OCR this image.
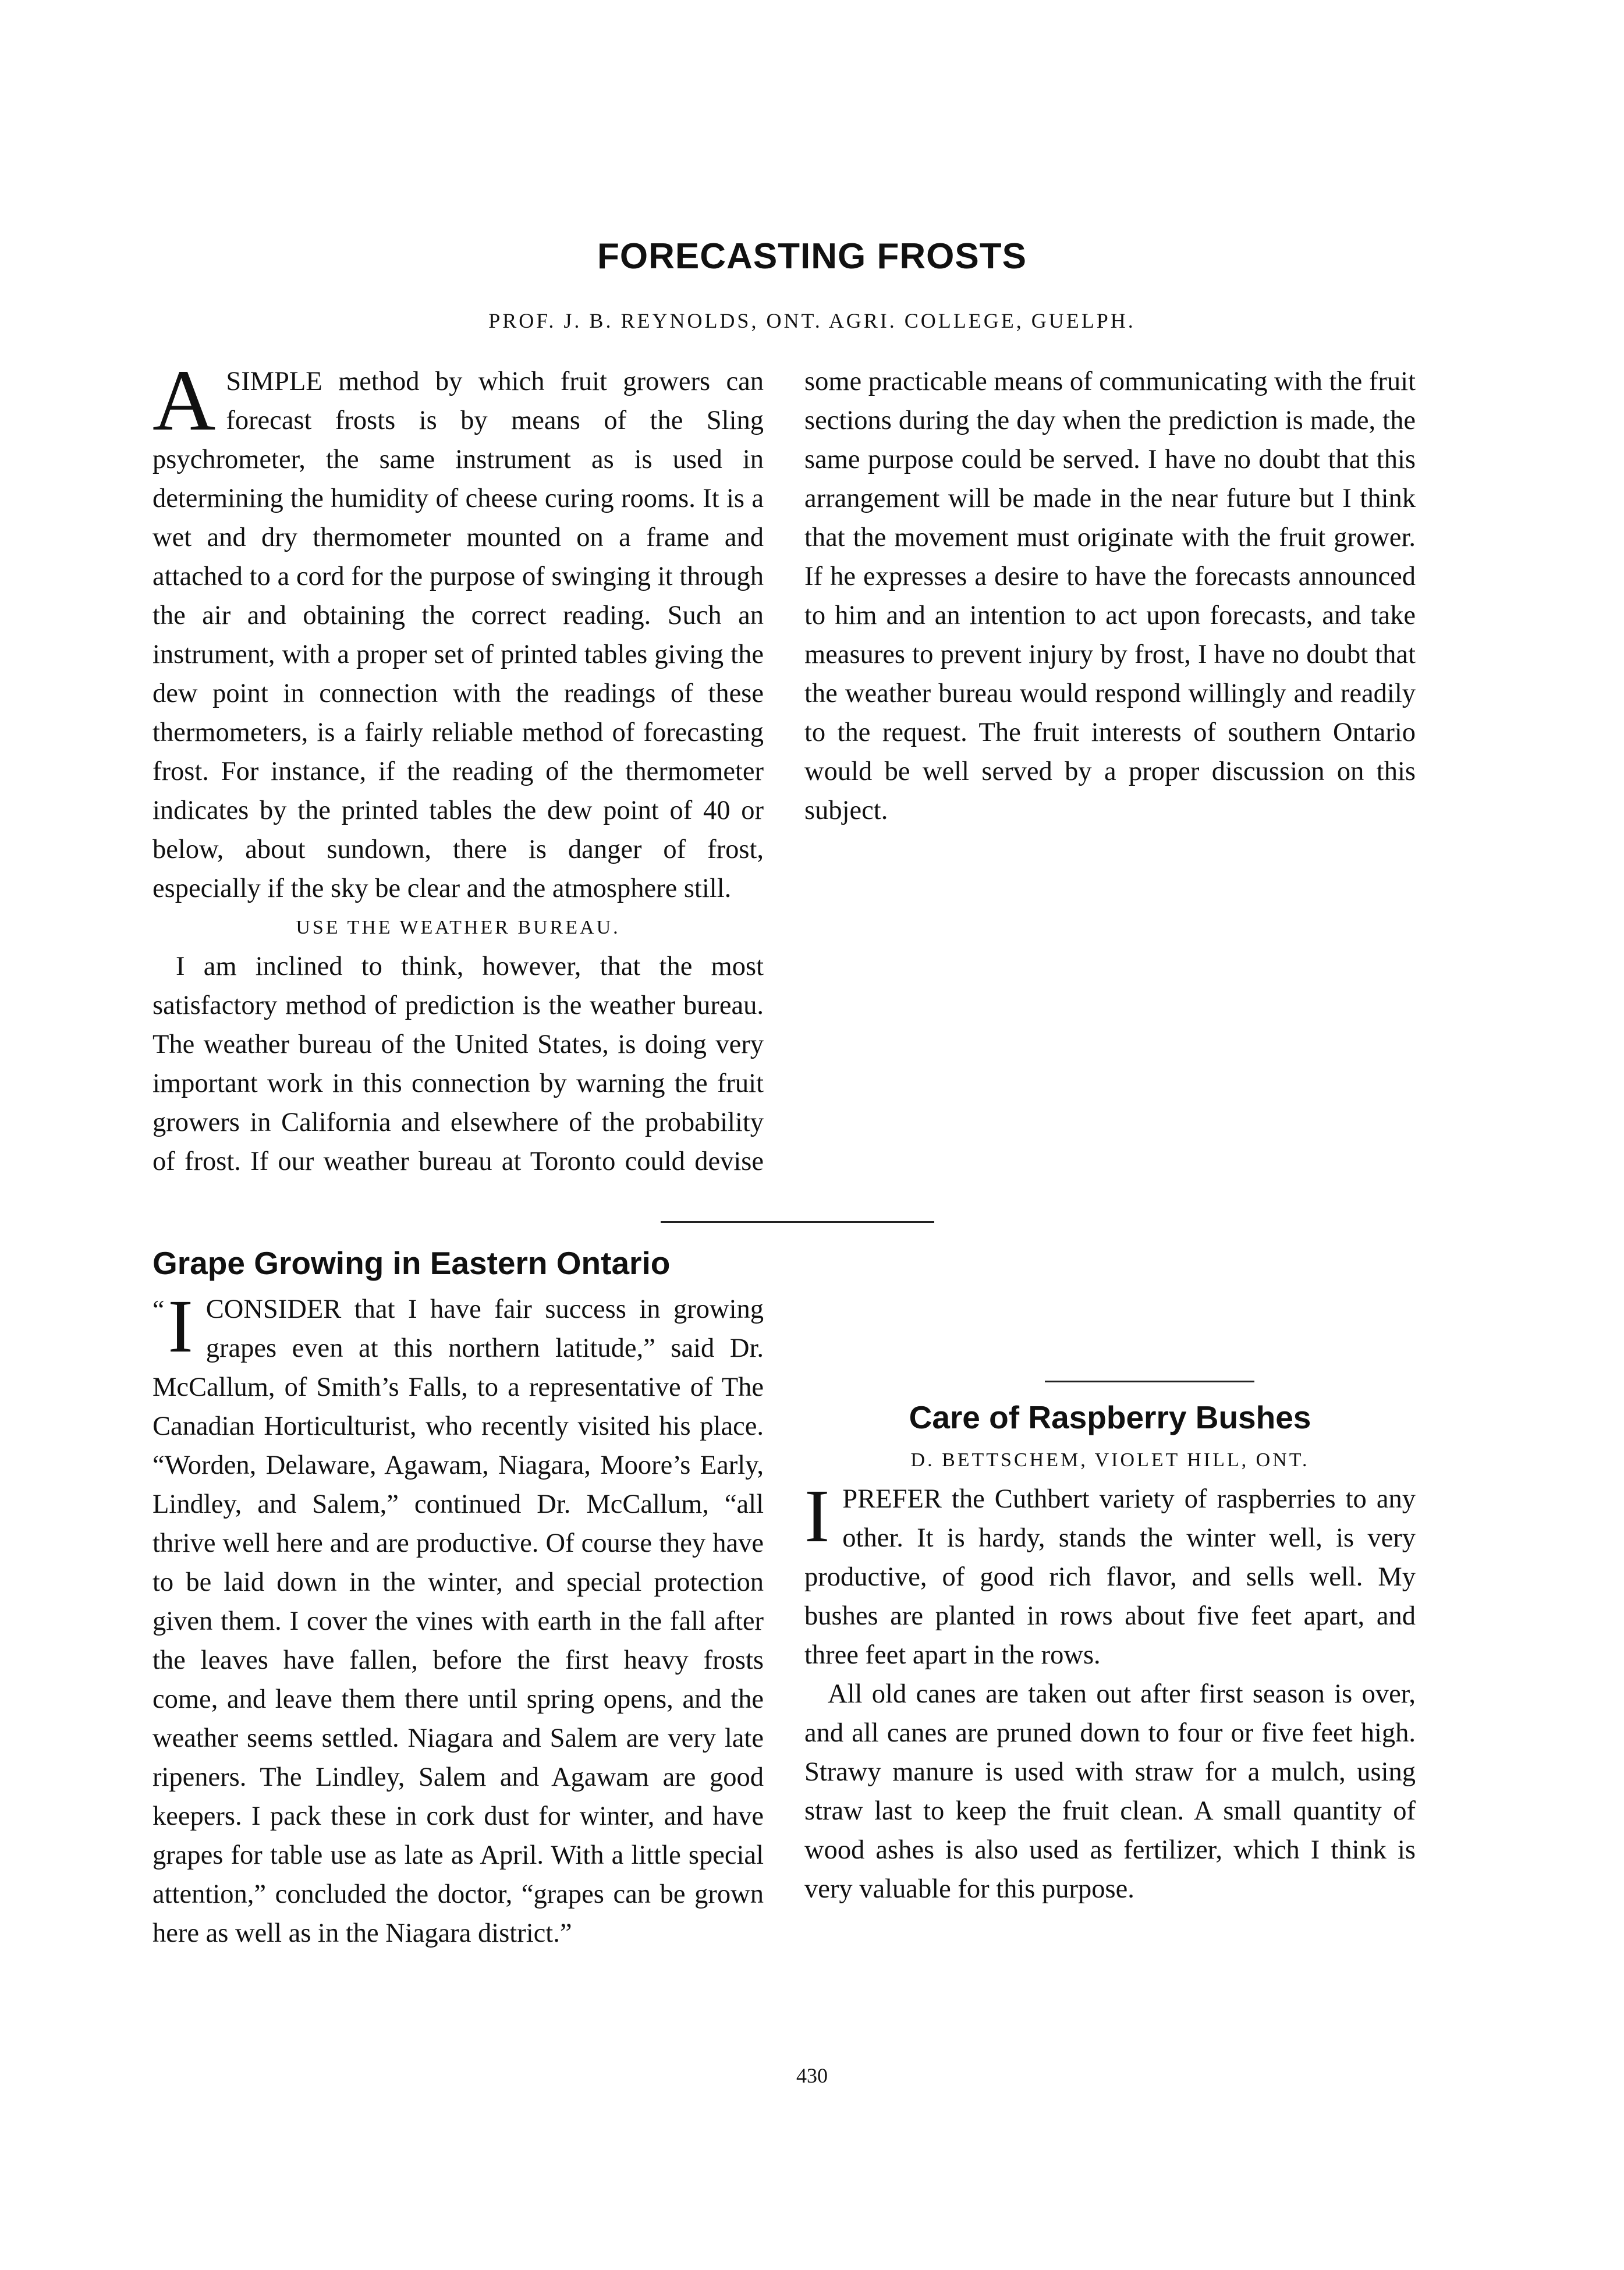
FORECASTING FROSTS

PROF. J. B. REYNOLDS, ONT. AGRI. COLLEGE, GUELPH.

ASIMPLE method by which fruit growers can forecast frosts is by means of the Sling psychrometer, the same instrument as is used in determining the humidity of cheese curing rooms. It is a wet and dry thermometer mounted on a frame and attached to a cord for the purpose of swinging it through the air and obtaining the correct reading. Such an instrument, with a proper set of printed tables giving the dew point in connection with the readings of these thermometers, is a fairly reliable method of forecasting frost. For instance, if the reading of the thermometer indicates by the printed tables the dew point of 40 or below, about sundown, there is danger of frost, especially if the sky be clear and the atmosphere still.

USE THE WEATHER BUREAU.

I am inclined to think, however, that the most satisfactory method of prediction is the weather bureau. The weather bureau of the United States, is doing very important work in this connection by warning the fruit growers in California and elsewhere of the probability of frost. If our weather bureau at Toronto could devise some practicable means of communicating with the fruit sections during the day when the prediction is made, the same purpose could be served. I have no doubt that this arrangement will be made in the near future but I think that the movement must originate with the fruit grower. If he expresses a desire to have the forecasts announced to him and an intention to act upon forecasts, and take measures to prevent injury by frost, I have no doubt that the weather bureau would respond willingly and readily to the request. The fruit interests of southern Ontario would be well served by a proper discussion on this subject.

Grape Growing in Eastern Ontario

“ I CONSIDER that I have fair success in growing grapes even at this northern latitude,” said Dr. McCallum, of Smith’s Falls, to a representative of The Canadian Horticulturist, who recently visited his place. “Worden, Delaware, Agawam, Niagara, Moore’s Early, Lindley, and Salem,” continued Dr. McCallum, “all thrive well here and are productive. Of course they have to be laid down in the winter, and special protection given them. I cover the vines with earth in the fall after the leaves have fallen, before the first heavy frosts come, and leave them there until spring opens, and the weather seems settled. Niagara and Salem are very late ripeners. The Lindley, Salem and Agawam are good keepers. I pack these in cork dust for winter, and have grapes for table use as late as April. With a little special attention,” concluded the doctor, “grapes can be grown here as well as in the Niagara district.”

Care of Raspberry Bushes

D. BETTSCHEM, VIOLET HILL, ONT.

IPREFER the Cuthbert variety of raspberries to any other. It is hardy, stands the winter well, is very productive, of good rich flavor, and sells well. My bushes are planted in rows about five feet apart, and three feet apart in the rows.

All old canes are taken out after first season is over, and all canes are pruned down to four or five feet high. Strawy manure is used with straw for a mulch, using straw last to keep the fruit clean. A small quantity of wood ashes is also used as fertilizer, which I think is very valuable for this purpose.

430
